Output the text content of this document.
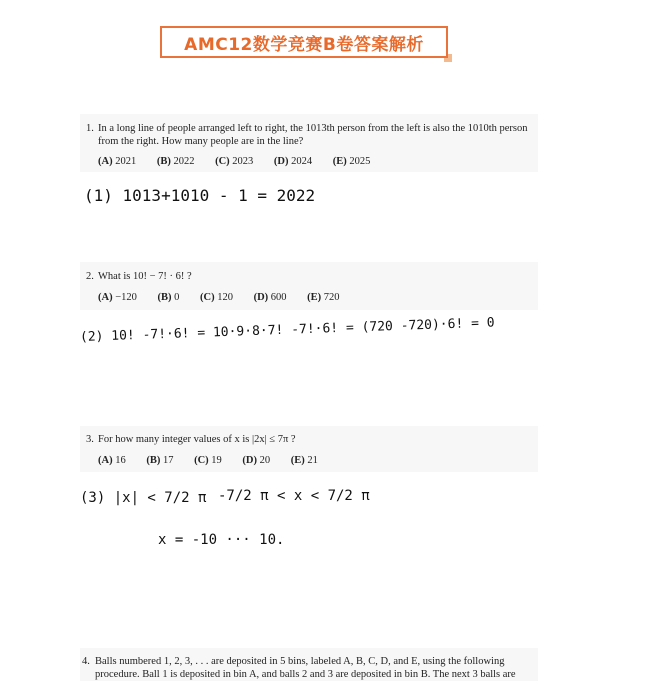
AMC12数学竞赛B卷答案解析
1. In a long line of people arranged left to right, the 1013th person from the left is also the 1010th person from the right. How many people are in the line?
(A) 2021 (B) 2022 (C) 2023 (D) 2024 (E) 2025
(1) 1013+1010 - 1 = 2022
2. What is 10! − 7! · 6! ?
(A) −120 (B) 0 (C) 120 (D) 600 (E) 720
(2) 10! -7!·6! = 10·9·8·7! -7!·6! = (720 -720)·6! = 0
3. For how many integer values of x is |2x| ≤ 7π ?
(A) 16 (B) 17 (C) 19 (D) 20 (E) 21
(3) |x| < 7/2 π -7/2 π < x < 7/2 π
x = -10 ··· 10.
4. Balls numbered 1, 2, 3, . . . are deposited in 5 bins, labeled A, B, C, D, and E, using the following procedure. Ball 1 is deposited in bin A, and balls 2 and 3 are deposited in bin B. The next 3 balls are
